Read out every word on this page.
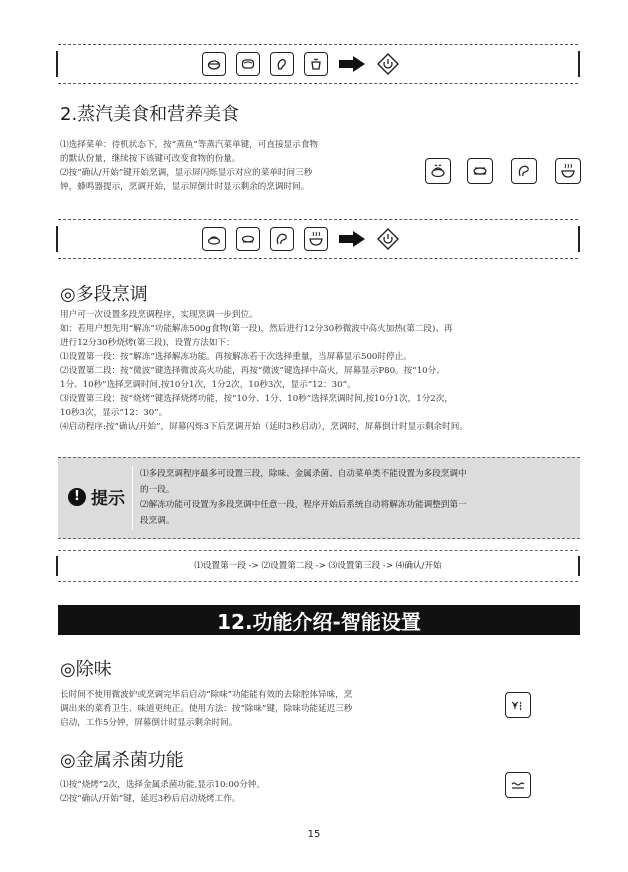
2.蒸汽美食和营养美食

⑴选择菜单：待机状态下，按“蒸鱼”等蒸汽菜单键，可直接显示食物

的默认份量，继续按下该键可改变食物的份量。

⑵按“确认/开始”键开始烹调，显示屏闪烁显示对应的菜单时间三秒

钟，蜂鸣器提示，烹调开始，显示屏倒计时显示剩余的烹调时间。

◎多段烹调

用户可一次设置多段烹调程序，实现烹调一步到位。

如：若用户想先用“解冻”功能解冻500g食物(第一段)，然后进行12分30秒微波中高火加热(第二段)、再

进行12分30秒烧烤(第三段)，设置方法如下：

⑴设置第一段：按“解冻”选择解冻功能。再按解冻若干次选择重量，当屏幕显示500时停止。

⑵设置第二段：按“微波”键选择微波高火功能，再按“微波”键选择中高火，屏幕显示P80。按“10分、

1分、10秒”选择烹调时间,按10分1次，1分2次，10秒3次，显示“12：30”。

⑶设置第三段：按“烧烤”键选择烧烤功能，按“10分、1分、10秒”选择烹调时间,按10分1次，1分2次，

10秒3次，显示“12：30”。

⑷启动程序:按“确认/开始”，屏幕闪烁3下后烹调开始（延时3秒启动），烹调时，屏幕倒计时显示剩余时间。

! 提示

⑴多段烹调程序最多可设置三段，除味、金属杀菌、自动菜单类不能设置为多段烹调中

的一段。

⑵解冻功能可设置为多段烹调中任意一段，程序开始后系统自动将解冻功能调整到第一

段烹调。

⑴设置第一段 -> ⑵设置第二段 -> ⑶设置第三段 -> ⑷确认/开始
12.功能介绍-智能设置
◎除味

长时间不使用微波炉或烹调完毕后启动“除味”功能能有效的去除腔体异味，烹

调出来的菜肴卫生、味道更纯正。使用方法：按“除味”键，除味功能延迟三秒

启动，工作5分钟，屏幕倒计时显示剩余时间。

◎金属杀菌功能

⑴按“烧烤”2次，选择金属杀菌功能,显示10:00分钟。

⑵按“确认/开始”键，延迟3秒后启动烧烤工作。

15
